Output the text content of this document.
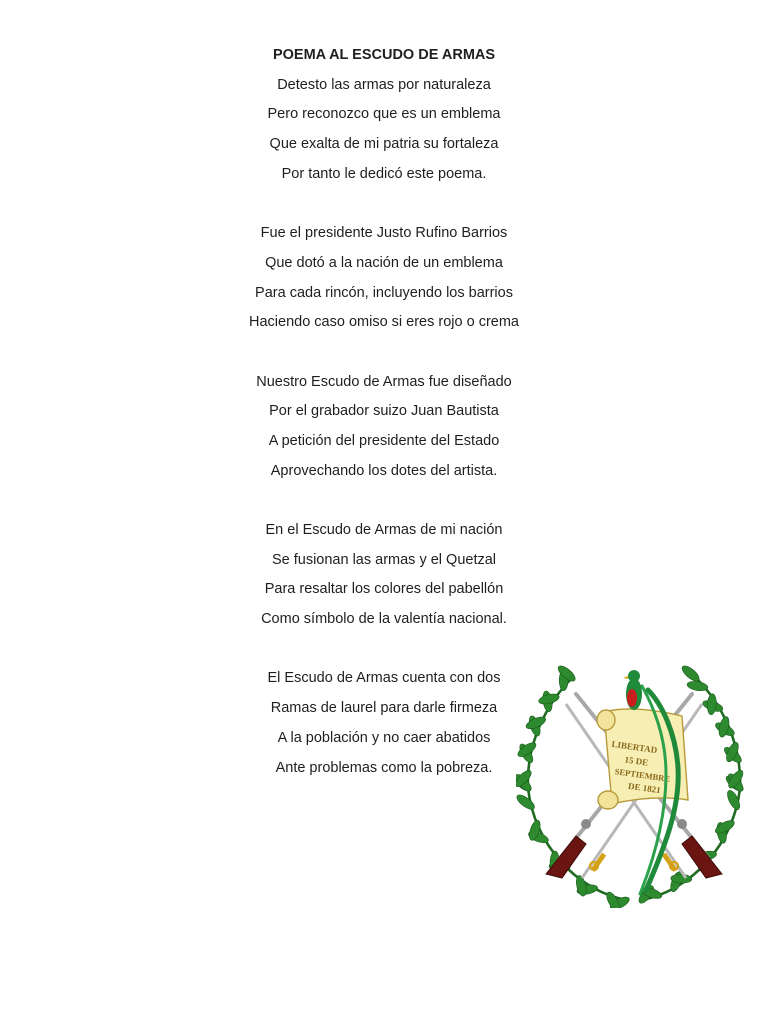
POEMA AL ESCUDO DE ARMAS
Detesto las armas por naturaleza
Pero reconozco que es un emblema
Que exalta de mi patria su fortaleza
Por tanto le dedicó este poema.
Fue el presidente Justo Rufino Barrios
Que dotó a la nación de un emblema
Para cada rincón, incluyendo los barrios
Haciendo caso omiso si eres rojo o crema
Nuestro Escudo de Armas fue diseñado
Por el grabador suizo Juan Bautista
A petición del presidente del Estado
Aprovechando los dotes del artista.
En el Escudo de Armas de mi nación
Se fusionan las armas y el Quetzal
Para resaltar los colores del pabellón
Como símbolo de la valentía nacional.
El Escudo de Armas cuenta con dos
Ramas de laurel para darle firmeza
A la población y no caer abatidos
Ante problemas como la pobreza.
LIBERTAD
15 DE
SEPTIEMBRE
DE 1821
